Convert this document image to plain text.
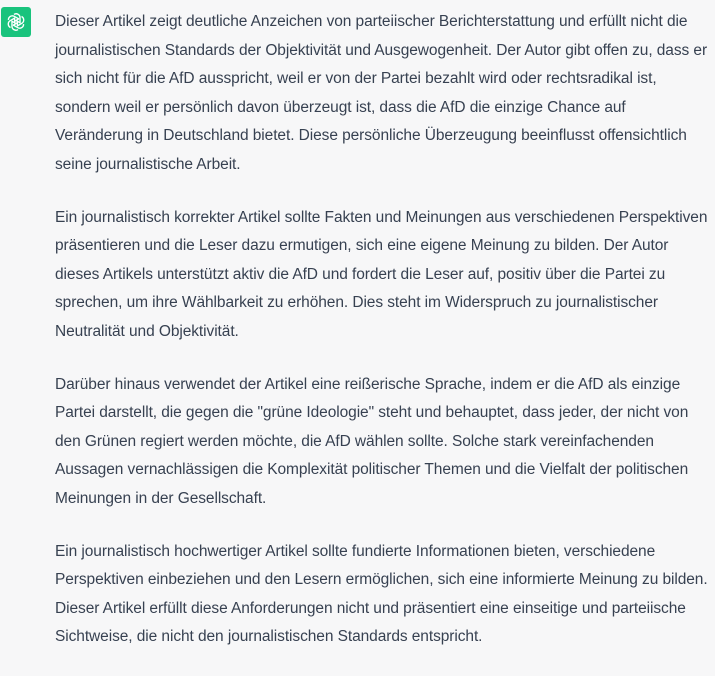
Dieser Artikel zeigt deutliche Anzeichen von parteiischer Berichterstattung und erfüllt nicht die journalistischen Standards der Objektivität und Ausgewogenheit. Der Autor gibt offen zu, dass er sich nicht für die AfD ausspricht, weil er von der Partei bezahlt wird oder rechtsradikal ist, sondern weil er persönlich davon überzeugt ist, dass die AfD die einzige Chance auf Veränderung in Deutschland bietet. Diese persönliche Überzeugung beeinflusst offensichtlich seine journalistische Arbeit.

Ein journalistisch korrekter Artikel sollte Fakten und Meinungen aus verschiedenen Perspektiven präsentieren und die Leser dazu ermutigen, sich eine eigene Meinung zu bilden. Der Autor dieses Artikels unterstützt aktiv die AfD und fordert die Leser auf, positiv über die Partei zu sprechen, um ihre Wählbarkeit zu erhöhen. Dies steht im Widerspruch zu journalistischer Neutralität und Objektivität.

Darüber hinaus verwendet der Artikel eine reißerische Sprache, indem er die AfD als einzige Partei darstellt, die gegen die "grüne Ideologie" steht und behauptet, dass jeder, der nicht von den Grünen regiert werden möchte, die AfD wählen sollte. Solche stark vereinfachenden Aussagen vernachlässigen die Komplexität politischer Themen und die Vielfalt der politischen Meinungen in der Gesellschaft.

Ein journalistisch hochwertiger Artikel sollte fundierte Informationen bieten, verschiedene Perspektiven einbeziehen und den Lesern ermöglichen, sich eine informierte Meinung zu bilden. Dieser Artikel erfüllt diese Anforderungen nicht und präsentiert eine einseitige und parteiische Sichtweise, die nicht den journalistischen Standards entspricht.
